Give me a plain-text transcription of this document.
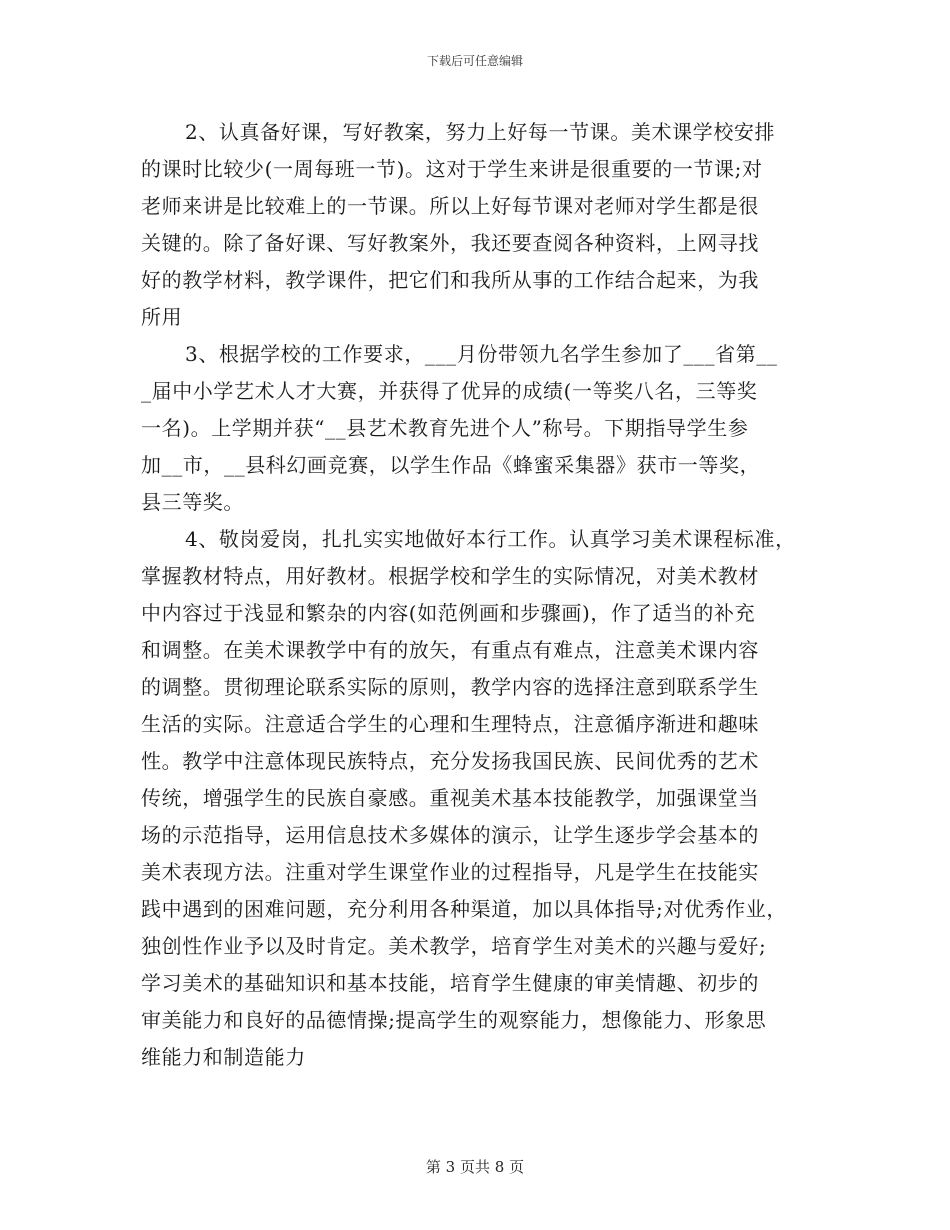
下载后可任意编辑
2、认真备好课，写好教案，努力上好每一节课。美术课学校安排
的课时比较少(一周每班一节)。这对于学生来讲是很重要的一节课;对
老师来讲是比较难上的一节课。所以上好每节课对老师对学生都是很
关键的。除了备好课、写好教案外，我还要查阅各种资料，上网寻找
好的教学材料，教学课件，把它们和我所从事的工作结合起来，为我
所用
3、根据学校的工作要求，___月份带领九名学生参加了___省第__
_届中小学艺术人才大赛，并获得了优异的成绩(一等奖八名，三等奖
一名)。上学期并获“__县艺术教育先进个人”称号。下期指导学生参
加__市，__县科幻画竞赛，以学生作品《蜂蜜采集器》获市一等奖，
县三等奖。
4、敬岗爱岗，扎扎实实地做好本行工作。认真学习美术课程标准，
掌握教材特点，用好教材。根据学校和学生的实际情况，对美术教材
中内容过于浅显和繁杂的内容(如范例画和步骤画)，作了适当的补充
和调整。在美术课教学中有的放矢，有重点有难点，注意美术课内容
的调整。贯彻理论联系实际的原则，教学内容的选择注意到联系学生
生活的实际。注意适合学生的心理和生理特点，注意循序渐进和趣味
性。教学中注意体现民族特点，充分发扬我国民族、民间优秀的艺术
传统，增强学生的民族自豪感。重视美术基本技能教学，加强课堂当
场的示范指导，运用信息技术多媒体的演示，让学生逐步学会基本的
美术表现方法。注重对学生课堂作业的过程指导，凡是学生在技能实
践中遇到的困难问题，充分利用各种渠道，加以具体指导;对优秀作业，
独创性作业予以及时肯定。美术教学，培育学生对美术的兴趣与爱好;
学习美术的基础知识和基本技能，培育学生健康的审美情趣、初步的
审美能力和良好的品德情操;提高学生的观察能力，想像能力、形象思
维能力和制造能力
第 3 页共 8 页
